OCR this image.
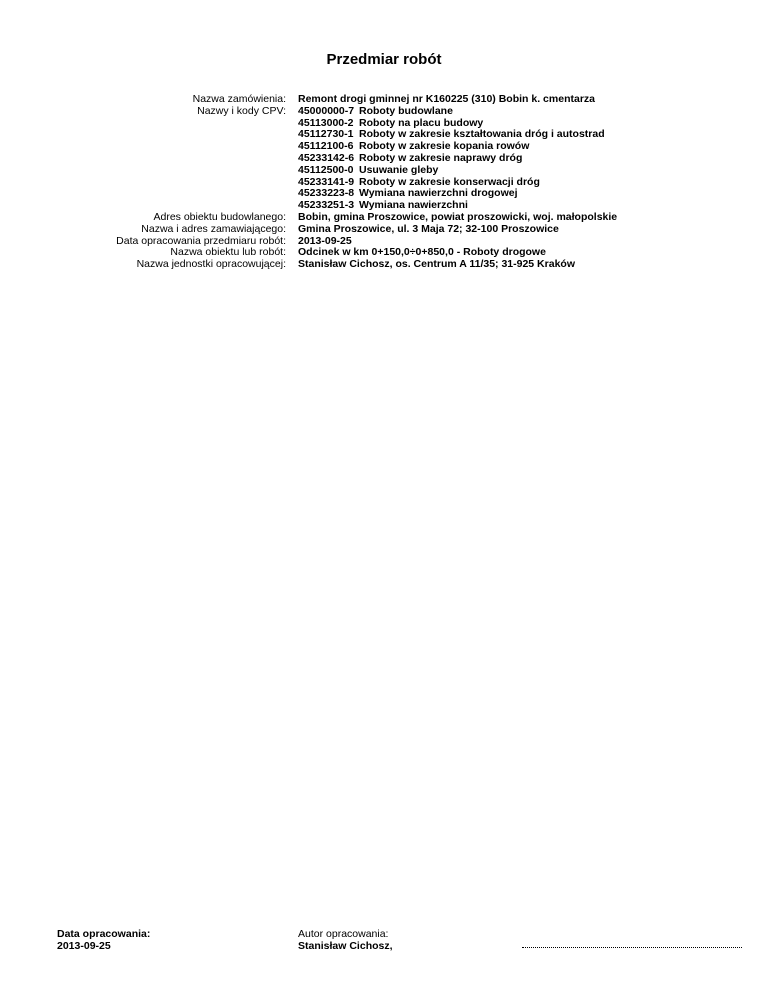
Przedmiar robót
Nazwa zamówienia:
Nazwy i kody CPV:
Adres obiektu budowlanego:
Nazwa i adres zamawiającego:
Data opracowania przedmiaru robót:
Nazwa obiektu lub robót:
Nazwa jednostki opracowującej:
Remont drogi gminnej nr K160225 (310) Bobin k. cmentarza
45000000-7 Roboty budowlane
45113000-2 Roboty na placu budowy
45112730-1 Roboty w zakresie kształtowania dróg i autostrad
45112100-6 Roboty w zakresie kopania rowów
45233142-6 Roboty w zakresie naprawy dróg
45112500-0 Usuwanie gleby
45233141-9 Roboty w zakresie konserwacji dróg
45233223-8 Wymiana nawierzchni drogowej
45233251-3 Wymiana nawierzchni
Bobin, gmina Proszowice, powiat proszowicki, woj. małopolskie
Gmina Proszowice, ul. 3 Maja 72; 32-100 Proszowice
2013-09-25
Odcinek w km 0+150,0÷0+850,0 - Roboty drogowe
Stanisław Cichosz, os. Centrum A 11/35; 31-925 Kraków
Data opracowania:
2013-09-25
Autor opracowania:
Stanisław Cichosz,
